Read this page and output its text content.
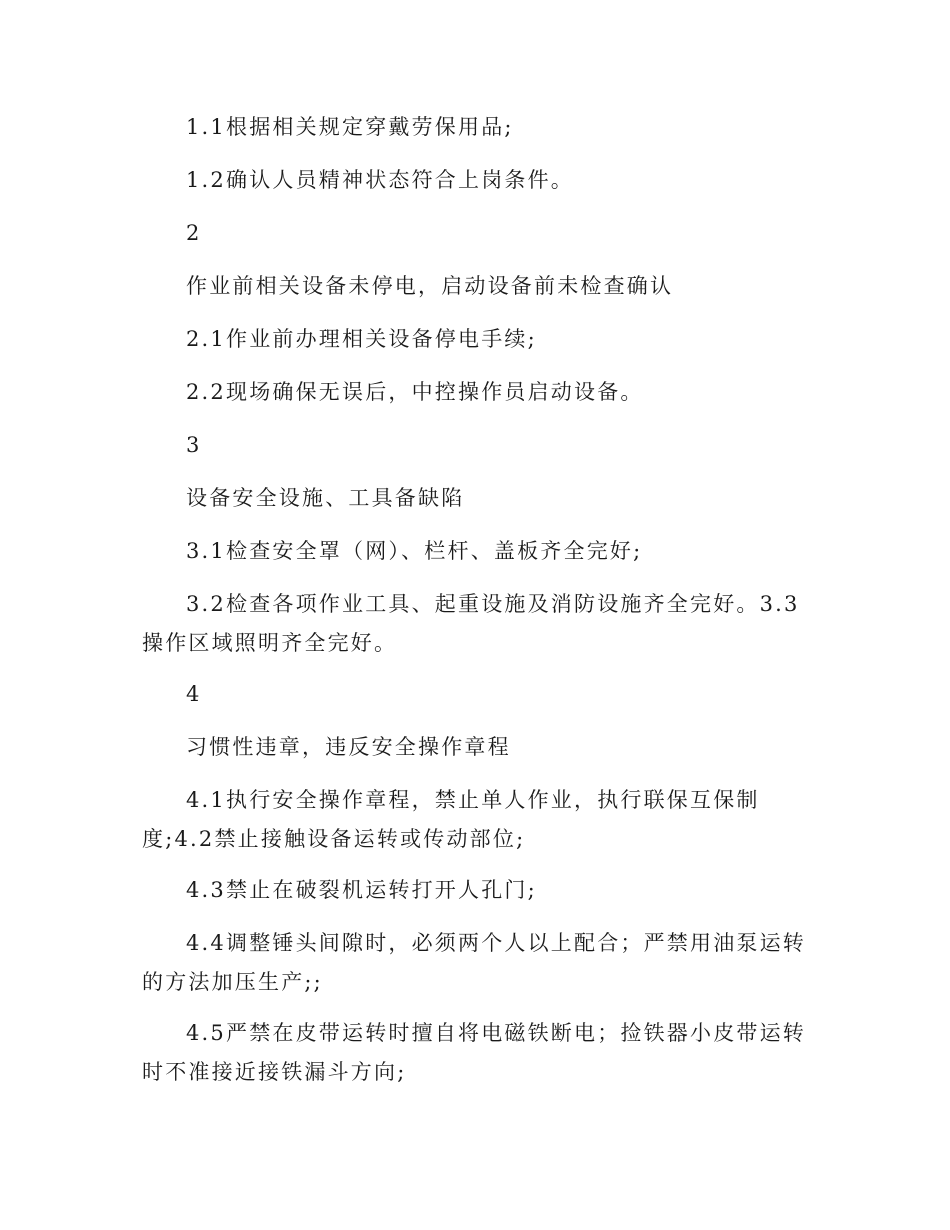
1.1根据相关规定穿戴劳保用品;

1.2确认人员精神状态符合上岗条件。

2

作业前相关设备未停电，启动设备前未检查确认

2.1作业前办理相关设备停电手续;

2.2现场确保无误后，中控操作员启动设备。

3

设备安全设施、工具备缺陷

3.1检查安全罩（网）、栏杆、盖板齐全完好;

3.2检查各项作业工具、起重设施及消防设施齐全完好。3.3操作区域照明齐全完好。

4

习惯性违章，违反安全操作章程

4.1执行安全操作章程，禁止单人作业，执行联保互保制度;4.2禁止接触设备运转或传动部位;

4.3禁止在破裂机运转打开人孔门;

4.4调整锤头间隙时，必须两个人以上配合；严禁用油泵运转的方法加压生产;;

4.5严禁在皮带运转时擅自将电磁铁断电；捡铁器小皮带运转时不准接近接铁漏斗方向;
